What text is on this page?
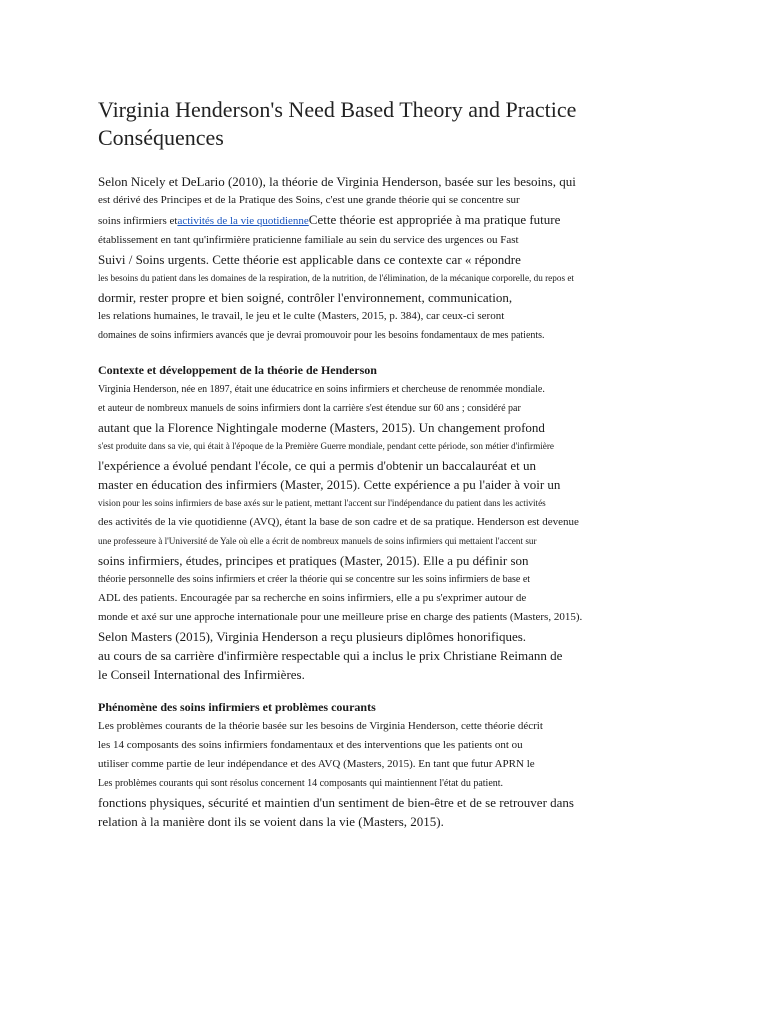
Virginia Henderson's Need Based Theory and Practice
Conséquences
Selon Nicely et DeLario (2010), la théorie de Virginia Henderson, basée sur les besoins, qui
est dérivé des Principes et de la Pratique des Soins, c'est une grande théorie qui se concentre sur
soins infirmiers etactivités de la vie quotidienneCette théorie est appropriée à ma pratique future
établissement en tant qu'infirmière praticienne familiale au sein du service des urgences ou Fast
Suivi / Soins urgents. Cette théorie est applicable dans ce contexte car « répondre
les besoins du patient dans les domaines de la respiration, de la nutrition, de l'élimination, de la mécanique corporelle, du repos et
dormir, rester propre et bien soigné, contrôler l'environnement, communication,
les relations humaines, le travail, le jeu et le culte (Masters, 2015, p. 384), car ceux-ci seront
domaines de soins infirmiers avancés que je devrai promouvoir pour les besoins fondamentaux de mes patients.
Contexte et développement de la théorie de Henderson
Virginia Henderson, née en 1897, était une éducatrice en soins infirmiers et chercheuse de renommée mondiale.
et auteur de nombreux manuels de soins infirmiers dont la carrière s'est étendue sur 60 ans ; considéré par
autant que la Florence Nightingale moderne (Masters, 2015). Un changement profond
s'est produite dans sa vie, qui était à l'époque de la Première Guerre mondiale, pendant cette période, son métier d'infirmière
l'expérience a évolué pendant l'école, ce qui a permis d'obtenir un baccalauréat et un
master en éducation des infirmiers (Master, 2015). Cette expérience a pu l'aider à voir un
vision pour les soins infirmiers de base axés sur le patient, mettant l'accent sur l'indépendance du patient dans les activités
des activités de la vie quotidienne (AVQ), étant la base de son cadre et de sa pratique. Henderson est devenue
une professeure à l'Université de Yale où elle a écrit de nombreux manuels de soins infirmiers qui mettaient l'accent sur
soins infirmiers, études, principes et pratiques (Master, 2015). Elle a pu définir son
théorie personnelle des soins infirmiers et créer la théorie qui se concentre sur les soins infirmiers de base et
ADL des patients. Encouragée par sa recherche en soins infirmiers, elle a pu s'exprimer autour de
monde et axé sur une approche internationale pour une meilleure prise en charge des patients (Masters, 2015).
Selon Masters (2015), Virginia Henderson a reçu plusieurs diplômes honorifiques.
au cours de sa carrière d'infirmière respectable qui a inclus le prix Christiane Reimann de
le Conseil International des Infirmières.
Phénomène des soins infirmiers et problèmes courants
Les problèmes courants de la théorie basée sur les besoins de Virginia Henderson, cette théorie décrit
les 14 composants des soins infirmiers fondamentaux et des interventions que les patients ont ou
utiliser comme partie de leur indépendance et des AVQ (Masters, 2015). En tant que futur APRN le
Les problèmes courants qui sont résolus concernent 14 composants qui maintiennent l'état du patient.
fonctions physiques, sécurité et maintien d'un sentiment de bien-être et de se retrouver dans
relation à la manière dont ils se voient dans la vie (Masters, 2015).
